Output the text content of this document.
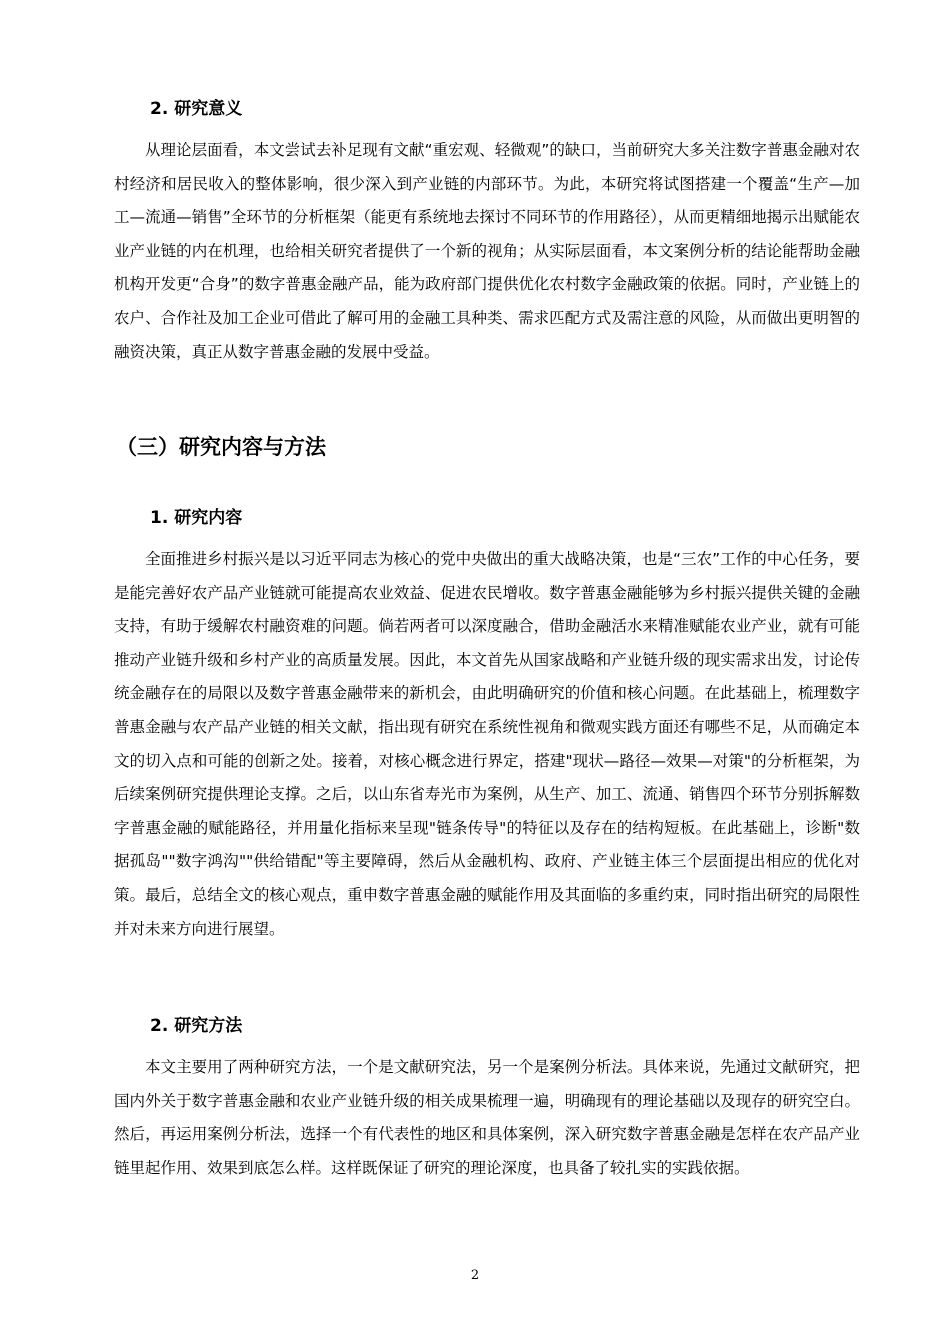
2. 研究意义

从理论层面看，本文尝试去补足现有文献“重宏观、轻微观”的缺口，当前研究大多关注数字普惠金融对农村经济和居民收入的整体影响，很少深入到产业链的内部环节。为此，本研究将试图搭建一个覆盖“生产—加工—流通—销售”全环节的分析框架（能更有系统地去探讨不同环节的作用路径），从而更精细地揭示出赋能农业产业链的内在机理，也给相关研究者提供了一个新的视角；从实际层面看，本文案例分析的结论能帮助金融机构开发更“合身”的数字普惠金融产品，能为政府部门提供优化农村数字金融政策的依据。同时，产业链上的农户、合作社及加工企业可借此了解可用的金融工具种类、需求匹配方式及需注意的风险，从而做出更明智的融资决策，真正从数字普惠金融的发展中受益。

（三）研究内容与方法
1. 研究内容

全面推进乡村振兴是以习近平同志为核心的党中央做出的重大战略决策，也是“三农”工作的中心任务，要是能完善好农产品产业链就可能提高农业效益、促进农民增收。数字普惠金融能够为乡村振兴提供关键的金融支持，有助于缓解农村融资难的问题。倘若两者可以深度融合，借助金融活水来精准赋能农业产业，就有可能推动产业链升级和乡村产业的高质量发展。因此，本文首先从国家战略和产业链升级的现实需求出发，讨论传统金融存在的局限以及数字普惠金融带来的新机会，由此明确研究的价值和核心问题。在此基础上，梳理数字普惠金融与农产品产业链的相关文献，指出现有研究在系统性视角和微观实践方面还有哪些不足，从而确定本文的切入点和可能的创新之处。接着，对核心概念进行界定，搭建"现状—路径—效果—对策"的分析框架，为后续案例研究提供理论支撑。之后，以山东省寿光市为案例，从生产、加工、流通、销售四个环节分别拆解数字普惠金融的赋能路径，并用量化指标来呈现"链条传导"的特征以及存在的结构短板。在此基础上，诊断"数据孤岛""数字鸿沟""供给错配"等主要障碍，然后从金融机构、政府、产业链主体三个层面提出相应的优化对策。最后，总结全文的核心观点，重申数字普惠金融的赋能作用及其面临的多重约束，同时指出研究的局限性并对未来方向进行展望。

2. 研究方法

本文主要用了两种研究方法，一个是文献研究法，另一个是案例分析法。具体来说，先通过文献研究，把国内外关于数字普惠金融和农业产业链升级的相关成果梳理一遍，明确现有的理论基础以及现存的研究空白。然后，再运用案例分析法，选择一个有代表性的地区和具体案例，深入研究数字普惠金融是怎样在农产品产业链里起作用、效果到底怎么样。这样既保证了研究的理论深度，也具备了较扎实的实践依据。

2
